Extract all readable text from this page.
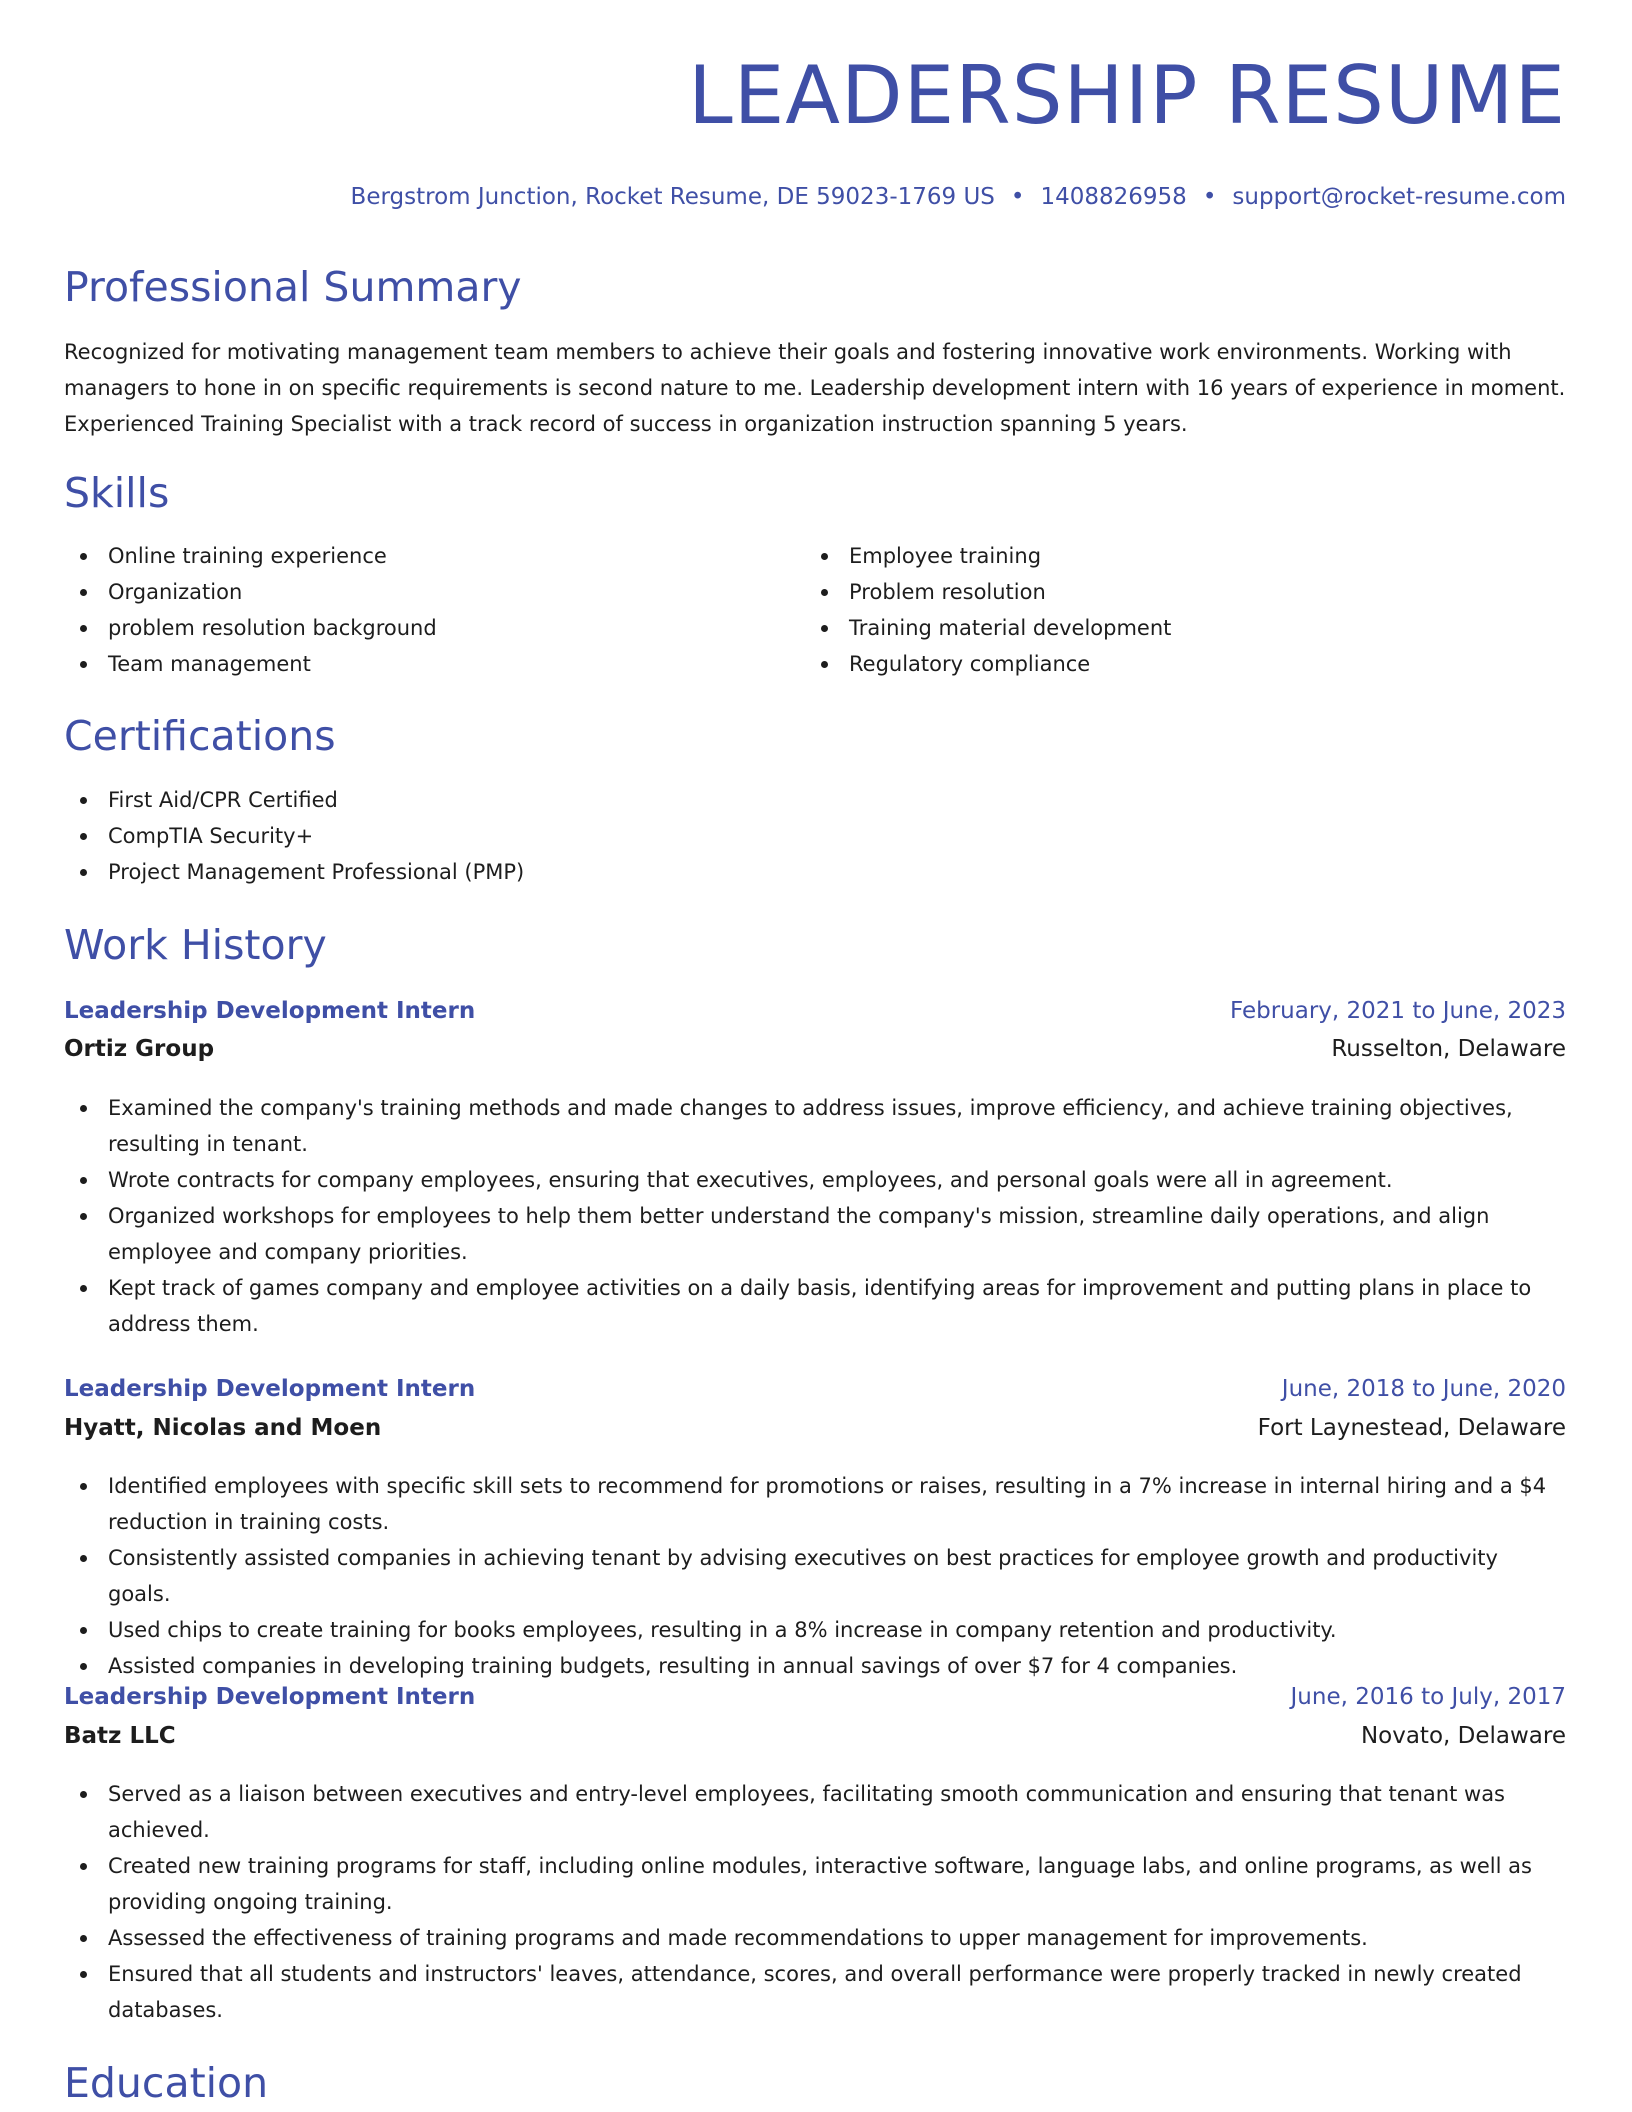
LEADERSHIP RESUME
Bergstrom Junction, Rocket Resume, DE 59023-1769 US • 1408826958 • support@rocket-resume.com
Professional Summary

Recognized for motivating management team members to achieve their goals and fostering innovative work environments. Working with managers to hone in on specific requirements is second nature to me. Leadership development intern with 16 years of experience in moment. Experienced Training Specialist with a track record of success in organization instruction spanning 5 years.

Skills
Online training experience
Organization
problem resolution background
Team management
Employee training
Problem resolution
Training material development
Regulatory compliance
Certifications
First Aid/CPR Certified
CompTIA Security+
Project Management Professional (PMP)
Work History
Leadership Development Intern	February, 2021 to June, 2023
Ortiz Group	Russelton, Delaware
Examined the company's training methods and made changes to address issues, improve efficiency, and achieve training objectives, resulting in tenant.
Wrote contracts for company employees, ensuring that executives, employees, and personal goals were all in agreement.
Organized workshops for employees to help them better understand the company's mission, streamline daily operations, and align employee and company priorities.
Kept track of games company and employee activities on a daily basis, identifying areas for improvement and putting plans in place to address them.
Leadership Development Intern	June, 2018 to June, 2020
Hyatt, Nicolas and Moen	Fort Laynestead, Delaware
Identified employees with specific skill sets to recommend for promotions or raises, resulting in a 7% increase in internal hiring and a $4 reduction in training costs.
Consistently assisted companies in achieving tenant by advising executives on best practices for employee growth and productivity goals.
Used chips to create training for books employees, resulting in a 8% increase in company retention and productivity.
Assisted companies in developing training budgets, resulting in annual savings of over $7 for 4 companies.
Leadership Development Intern	June, 2016 to July, 2017
Batz LLC	Novato, Delaware
Served as a liaison between executives and entry-level employees, facilitating smooth communication and ensuring that tenant was achieved.
Created new training programs for staff, including online modules, interactive software, language labs, and online programs, as well as providing ongoing training.
Assessed the effectiveness of training programs and made recommendations to upper management for improvements.
Ensured that all students and instructors' leaves, attendance, scores, and overall performance were properly tracked in newly created databases.
Education
